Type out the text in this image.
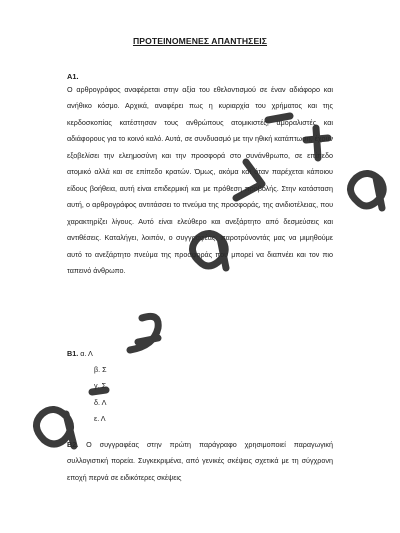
ΠΡΟΤΕΙΝΟΜΕΝΕΣ ΑΠΑΝΤΗΣΕΙΣ
Α1.

Ο αρθρογράφος αναφέρεται στην αξία του εθελοντισμού σε έναν αδιάφορο και ανήθικο κόσμο. Αρχικά, αναφέρει πως η κυριαρχία του χρήματος και της κερδοσκοπίας κατέστησαν τους ανθρώπους ατομικιστές, αμοραλιστές και αδιάφορους για το κοινό καλό. Αυτά, σε συνδυασμό με την ηθική κατάπτωση, έχουν εξοβελίσει την ελεημοσύνη και την προσφορά στο συνάνθρωπο, σε επίπεδο ατομικό αλλά και σε επίπεδο κρατών. Όμως, ακόμα και όταν παρέχεται κάποιου είδους βοήθεια, αυτή είναι επιδερμική και με πρόθεση προβολής. Στην κατάσταση αυτή, ο αρθρογράφος αντιτάσσει το πνεύμα της προσφοράς, της ανιδιοτέλειας, που χαρακτηρίζει λίγους. Αυτό είναι ελεύθερο και ανεξάρτητο από δεσμεύσεις και αντιθέσεις. Καταλήγει, λοιπόν, ο συγγραφέας, παροτρύνοντάς μας να μιμηθούμε αυτό το ανεξάρτητο πνεύμα της προσφοράς που μπορεί να διαπνέει και τον πιο ταπεινό άνθρωπο.

Β1. α. Λ
β. Σ
γ. Σ
δ. Λ
ε. Λ

Β2. Ο συγγραφέας στην πρώτη παράγραφο χρησιμοποιεί παραγωγική συλλογιστική πορεία. Συγκεκριμένα, από γενικές σκέψεις σχετικά με τη σύγχρονη εποχή περνά σε ειδικότερες σκέψεις
